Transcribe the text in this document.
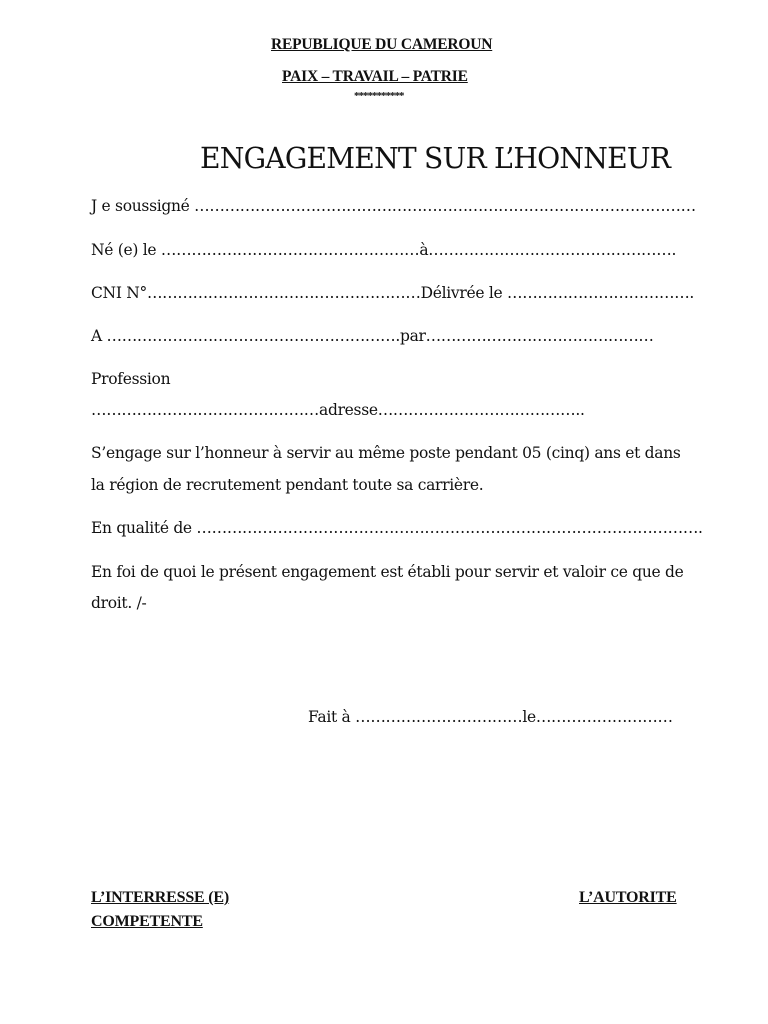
REPUBLIQUE DU CAMEROUN
PAIX – TRAVAIL – PATRIE
***********
ENGAGEMENT SUR L’HONNEUR
J e soussigné ………………………………………………………………………………………
Né (e) le ……………………………………………à………………………………………….
CNI N°………………………………………………Délivrée le ……………………………….
A ………………………………………………….par………………………………………
Profession
………………………………………adresse…………………………………..
S’engage sur l’honneur à servir au même poste pendant 05 (cinq) ans et dans
la région de recrutement pendant toute sa carrière.
En qualité de ……………………………………………………………………………………….
En foi de quoi le présent engagement est établi pour servir et valoir ce que de
droit. /-
Fait à ……………………………le………………………
L’INTERRESSE (E)	L’AUTORITE
COMPETENTE
